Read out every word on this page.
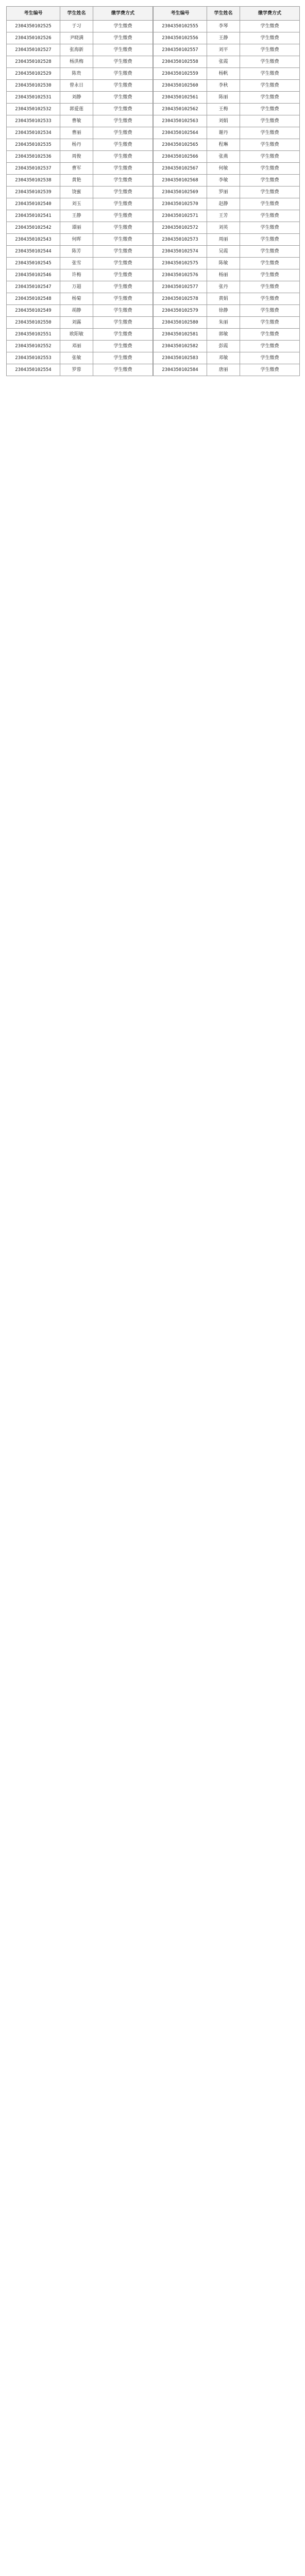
考生编号	学生姓名	缴学费方式
2304350102525	于习	学生缴费
2304350102526	尹晓满	学生缴费
2304350102527	张海新	学生缴费
2304350102528	杨洪梅	学生缴费
2304350102529	陈贵	学生缴费
2304350102530	曾永日	学生缴费
2304350102531	刘静	学生缴费
2304350102532	郭爱莲	学生缴费
2304350102533	曹敏	学生缴费
2304350102534	曹丽	学生缴费
2304350102535	杨丹	学生缴费
2304350102536	周俊	学生缴费
2304350102537	曹军	学生缴费
2304350102538	黄艳	学生缴费
2304350102539	饶蜜	学生缴费
2304350102540	刘玉	学生缴费
2304350102541	王静	学生缴费
2304350102542	谭丽	学生缴费
2304350102543	何晖	学生缴费
2304350102544	陈芳	学生缴费
2304350102545	张雪	学生缴费
2304350102546	许梅	学生缴费
2304350102547	万超	学生缴费
2304350102548	杨菊	学生缴费
2304350102549	胡静	学生缴费
2304350102550	刘露	学生缴费
2304350102551	欧阳敏	学生缴费
2304350102552	邓丽	学生缴费
2304350102553	张敏	学生缴费
2304350102554	罗蓉	学生缴费
考生编号	学生姓名	缴学费方式
2304350102555	李琴	学生缴费
2304350102556	王静	学生缴费
2304350102557	刘平	学生缴费
2304350102558	张霞	学生缴费
2304350102559	杨帆	学生缴费
2304350102560	李秋	学生缴费
2304350102561	陈丽	学生缴费
2304350102562	王梅	学生缴费
2304350102563	刘娟	学生缴费
2304350102564	谢丹	学生缴费
2304350102565	程琳	学生缴费
2304350102566	张燕	学生缴费
2304350102567	何敏	学生缴费
2304350102568	李敏	学生缴费
2304350102569	罗丽	学生缴费
2304350102570	赵静	学生缴费
2304350102571	王芳	学生缴费
2304350102572	刘英	学生缴费
2304350102573	周丽	学生缴费
2304350102574	吴霞	学生缴费
2304350102575	陈敏	学生缴费
2304350102576	杨丽	学生缴费
2304350102577	张丹	学生缴费
2304350102578	黄娟	学生缴费
2304350102579	徐静	学生缴费
2304350102580	朱丽	学生缴费
2304350102581	郭敏	学生缴费
2304350102582	彭霞	学生缴费
2304350102583	邓敏	学生缴费
2304350102584	唐丽	学生缴费
